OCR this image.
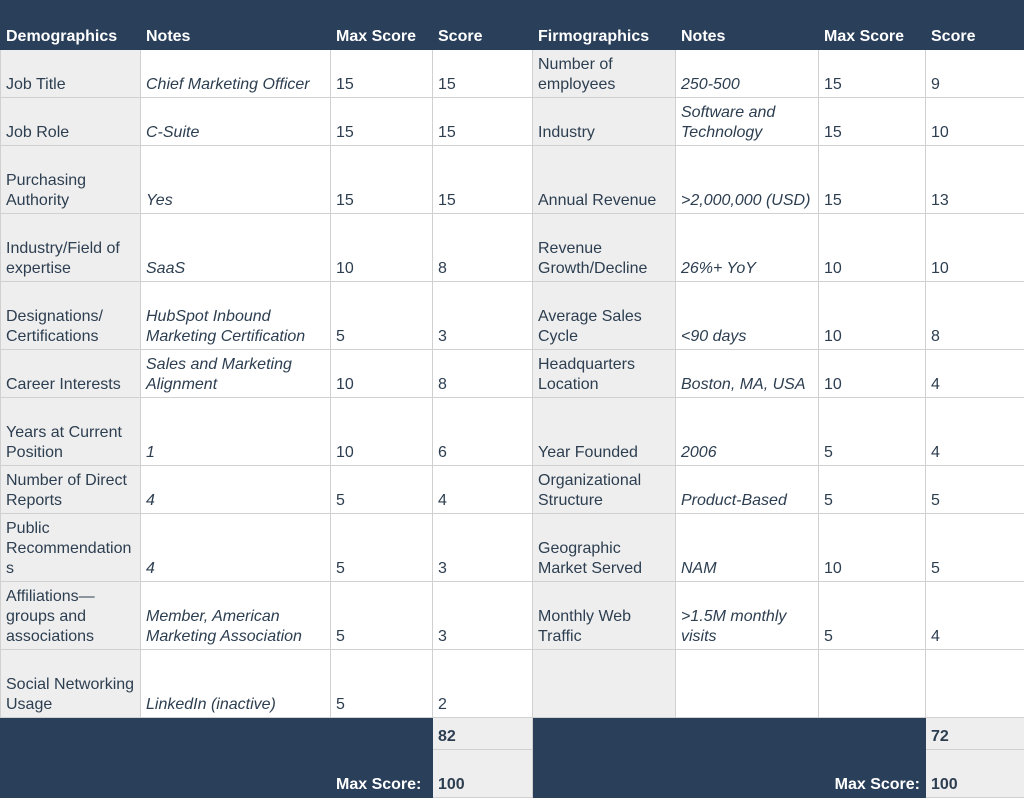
Demographics	Notes	Max Score	Score	Firmographics	Notes	Max Score	Score
Job Title	Chief Marketing Officer	15	15	Number of employees	250-500	15	9
Job Role	C-Suite	15	15	Industry	Software and Technology	15	10
Purchasing Authority	Yes	15	15	Annual Revenue	>2,000,000 (USD)	15	13
Industry/Field of expertise	SaaS	10	8	Revenue Growth/Decline	26%+ YoY	10	10
Designations/ Certifications	HubSpot Inbound Marketing Certification	5	3	Average Sales Cycle	<90 days	10	8
Career Interests	Sales and Marketing Alignment	10	8	Headquarters Location	Boston, MA, USA	10	4
Years at Current Position	1	10	6	Year Founded	2006	5	4
Number of Direct Reports	4	5	4	Organizational Structure	Product-Based	5	5
Public Recommendations	4	5	3	Geographic Market Served	NAM	10	5
Affiliations—groups and associations	Member, American Marketing Association	5	3	Monthly Web Traffic	>1.5M monthly visits	5	4
Social Networking Usage	LinkedIn (inactive)	5	2				
			82				72
		Max Score:	100			Max Score:	100
